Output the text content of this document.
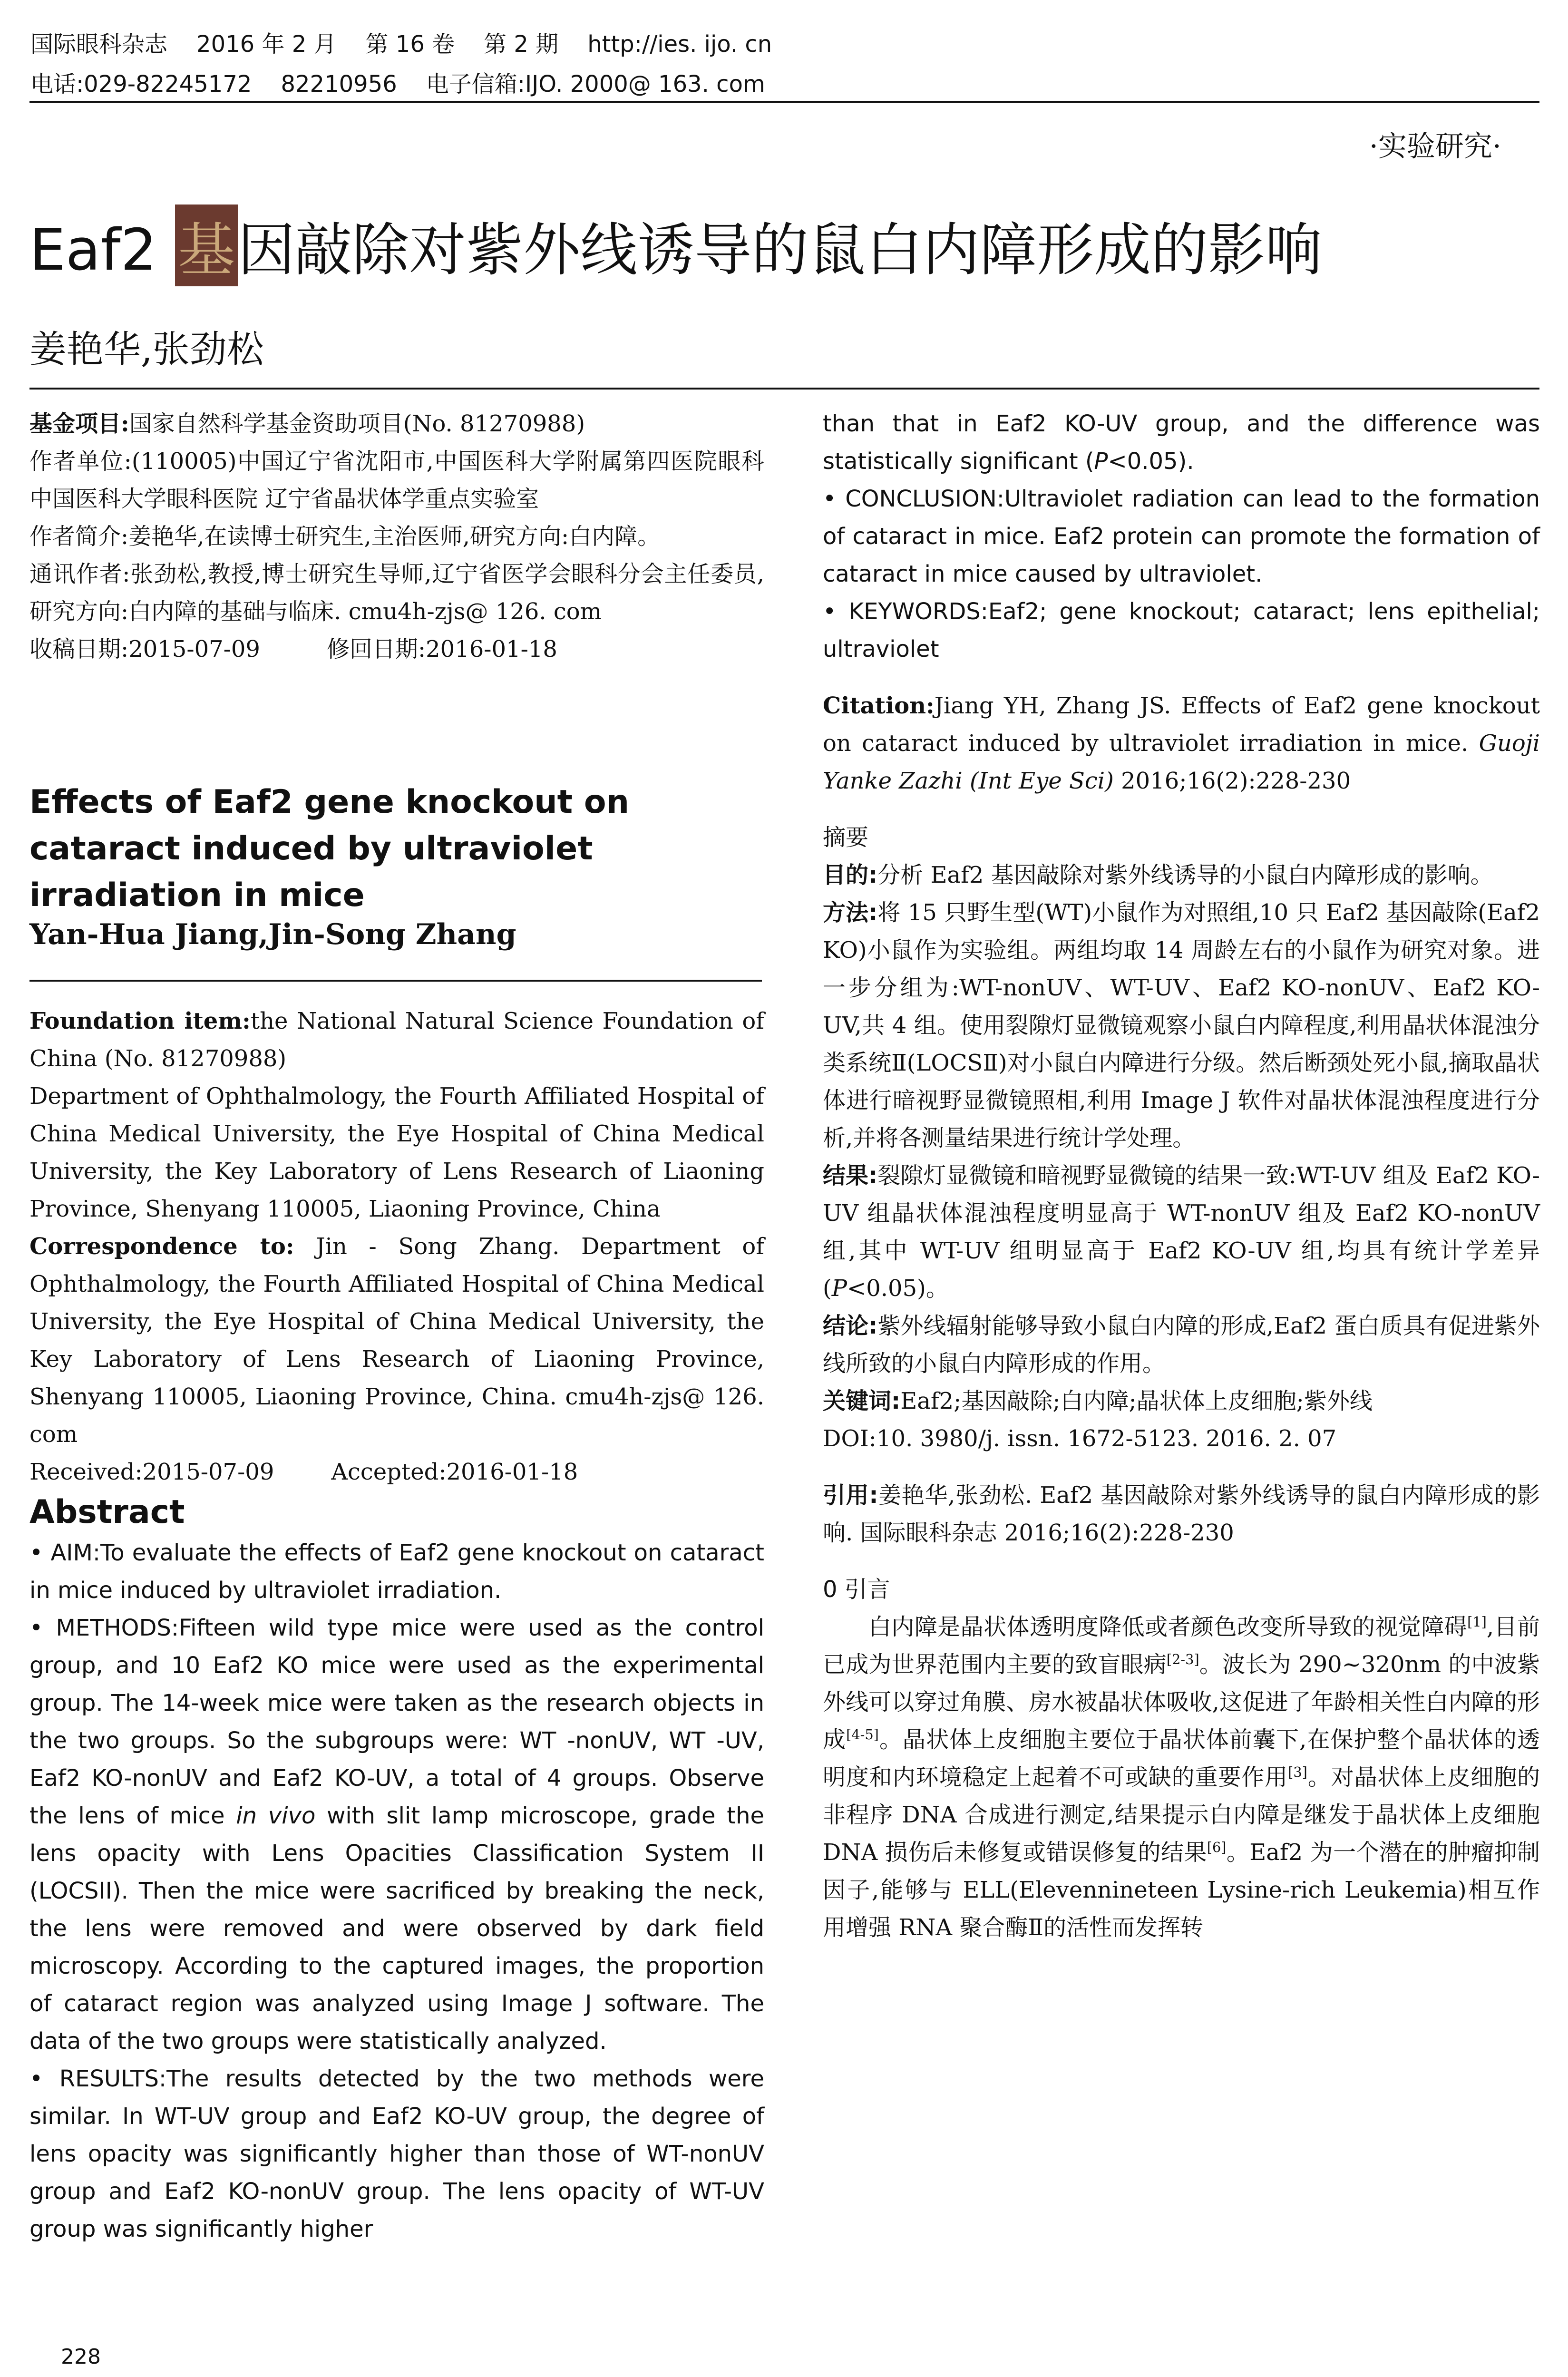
国际眼科杂志    2016 年 2 月    第 16 卷    第 2 期    http://ies. ijo. cn
电话:029-82245172    82210956    电子信箱:IJO. 2000@ 163. com
·实验研究·
Eaf2 基因敲除对紫外线诱导的鼠白内障形成的影响
姜艳华,张劲松

基金项目:国家自然科学基金资助项目(No. 81270988)

作者单位:(110005)中国辽宁省沈阳市,中国医科大学附属第四医院眼科 中国医科大学眼科医院 辽宁省晶状体学重点实验室

作者简介:姜艳华,在读博士研究生,主治医师,研究方向:白内障。

通讯作者:张劲松,教授,博士研究生导师,辽宁省医学会眼科分会主任委员,研究方向:白内障的基础与临床. cmu4h-zjs@ 126. com

收稿日期:2015-07-09	修回日期:2016-01-18

Effects of Eaf2 gene knockout on cataract induced by ultraviolet irradiation in mice
Yan-Hua Jiang,Jin-Song Zhang

Foundation item:the National Natural Science Foundation of China (No. 81270988)

Department of Ophthalmology, the Fourth Affiliated Hospital of China Medical University, the Eye Hospital of China Medical University, the Key Laboratory of Lens Research of Liaoning Province, Shenyang 110005, Liaoning Province, China

Correspondence to: Jin - Song Zhang. Department of Ophthalmology, the Fourth Affiliated Hospital of China Medical University, the Eye Hospital of China Medical University, the Key Laboratory of Lens Research of Liaoning Province, Shenyang 110005, Liaoning Province, China. cmu4h-zjs@ 126. com

Received:2015-07-09	Accepted:2016-01-18

Abstract

• AIM:To evaluate the effects of Eaf2 gene knockout on cataract in mice induced by ultraviolet irradiation.

• METHODS:Fifteen wild type mice were used as the control group, and 10 Eaf2 KO mice were used as the experimental group. The 14-week mice were taken as the research objects in the two groups. So the subgroups were: WT -nonUV, WT -UV, Eaf2 KO-nonUV and Eaf2 KO-UV, a total of 4 groups. Observe the lens of mice in vivo with slit lamp microscope, grade the lens opacity with Lens Opacities Classification System II (LOCSII). Then the mice were sacrificed by breaking the neck, the lens were removed and were observed by dark field microscopy. According to the captured images, the proportion of cataract region was analyzed using Image J software. The data of the two groups were statistically analyzed.

• RESULTS:The results detected by the two methods were similar. In WT-UV group and Eaf2 KO-UV group, the degree of lens opacity was significantly higher than those of WT-nonUV group and Eaf2 KO-nonUV group. The lens opacity of WT-UV group was significantly higher

than that in Eaf2 KO-UV group, and the difference was statistically significant (P<0.05).

• CONCLUSION:Ultraviolet radiation can lead to the formation of cataract in mice. Eaf2 protein can promote the formation of cataract in mice caused by ultraviolet.

• KEYWORDS:Eaf2; gene knockout; cataract; lens epithelial; ultraviolet

Citation:Jiang YH, Zhang JS. Effects of Eaf2 gene knockout on cataract induced by ultraviolet irradiation in mice. Guoji Yanke Zazhi (Int Eye Sci) 2016;16(2):228-230

摘要

目的:分析 Eaf2 基因敲除对紫外线诱导的小鼠白内障形成的影响。

方法:将 15 只野生型(WT)小鼠作为对照组,10 只 Eaf2 基因敲除(Eaf2 KO)小鼠作为实验组。两组均取 14 周龄左右的小鼠作为研究对象。进一步分组为:WT-nonUV、WT-UV、Eaf2 KO-nonUV、Eaf2 KO-UV,共 4 组。使用裂隙灯显微镜观察小鼠白内障程度,利用晶状体混浊分类系统Ⅱ(LOCSⅡ)对小鼠白内障进行分级。然后断颈处死小鼠,摘取晶状体进行暗视野显微镜照相,利用 Image J 软件对晶状体混浊程度进行分析,并将各测量结果进行统计学处理。

结果:裂隙灯显微镜和暗视野显微镜的结果一致:WT-UV 组及 Eaf2 KO-UV 组晶状体混浊程度明显高于 WT-nonUV 组及 Eaf2 KO-nonUV 组,其中 WT-UV 组明显高于 Eaf2 KO-UV 组,均具有统计学差异(P<0.05)。

结论:紫外线辐射能够导致小鼠白内障的形成,Eaf2 蛋白质具有促进紫外线所致的小鼠白内障形成的作用。

关键词:Eaf2;基因敲除;白内障;晶状体上皮细胞;紫外线

DOI:10. 3980/j. issn. 1672-5123. 2016. 2. 07

引用:姜艳华,张劲松. Eaf2 基因敲除对紫外线诱导的鼠白内障形成的影响. 国际眼科杂志 2016;16(2):228-230

0 引言

白内障是晶状体透明度降低或者颜色改变所导致的视觉障碍[1],目前已成为世界范围内主要的致盲眼病[2-3]。波长为 290~320nm 的中波紫外线可以穿过角膜、房水被晶状体吸收,这促进了年龄相关性白内障的形成[4-5]。晶状体上皮细胞主要位于晶状体前囊下,在保护整个晶状体的透明度和内环境稳定上起着不可或缺的重要作用[3]。对晶状体上皮细胞的非程序 DNA 合成进行测定,结果提示白内障是继发于晶状体上皮细胞 DNA 损伤后未修复或错误修复的结果[6]。Eaf2 为一个潜在的肿瘤抑制因子,能够与 ELL(Elevennineteen Lysine-rich Leukemia)相互作用增强 RNA 聚合酶Ⅱ的活性而发挥转

228
